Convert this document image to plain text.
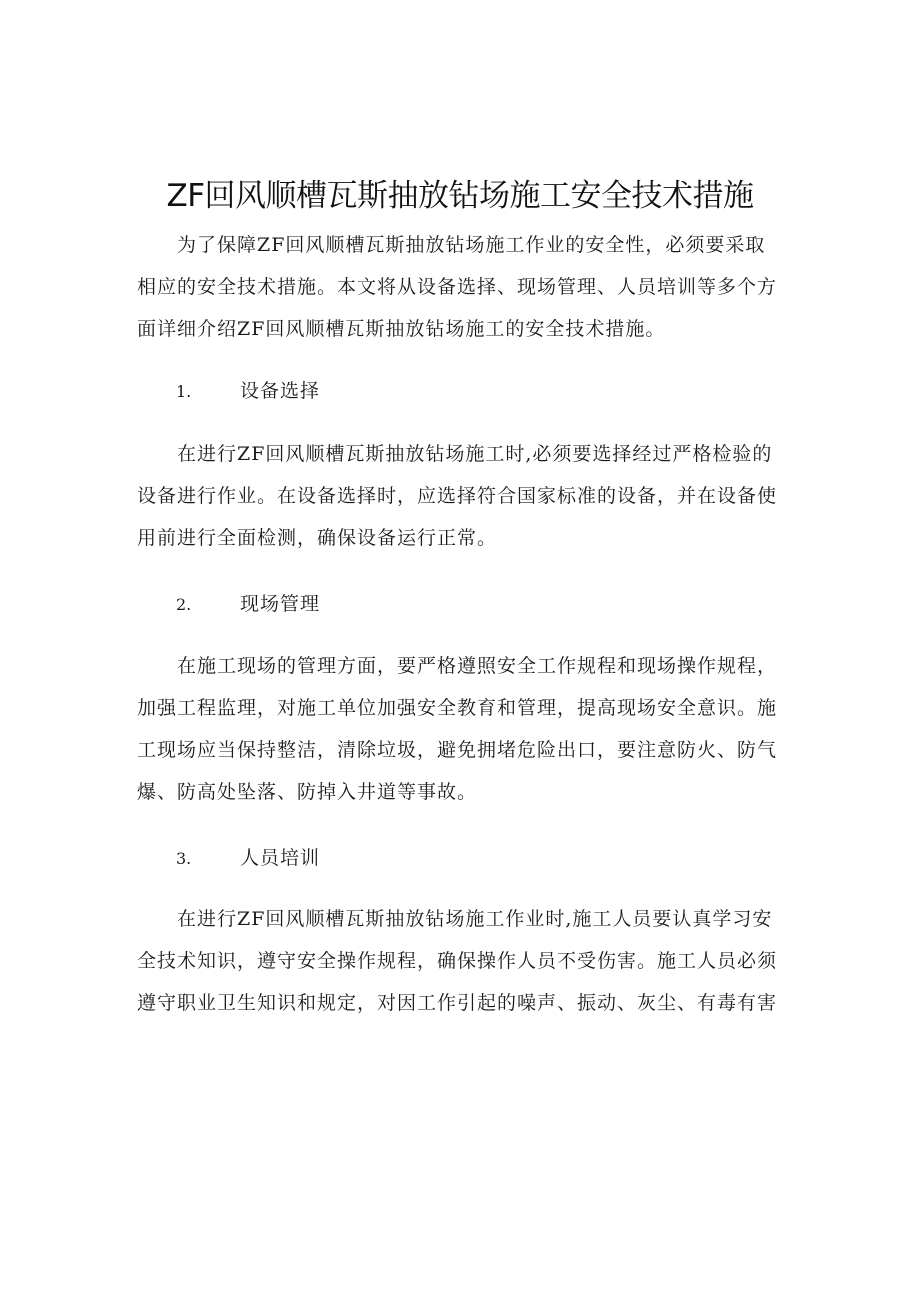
ZF回风顺槽瓦斯抽放钻场施工安全技术措施

为了保障ZF回风顺槽瓦斯抽放钻场施工作业的安全性，必须要采取相应的安全技术措施。本文将从设备选择、现场管理、人员培训等多个方面详细介绍ZF回风顺槽瓦斯抽放钻场施工的安全技术措施。

1.	设备选择

在进行ZF回风顺槽瓦斯抽放钻场施工时,必须要选择经过严格检验的设备进行作业。在设备选择时，应选择符合国家标准的设备，并在设备使用前进行全面检测，确保设备运行正常。

2.	现场管理

在施工现场的管理方面，要严格遵照安全工作规程和现场操作规程，加强工程监理，对施工单位加强安全教育和管理，提高现场安全意识。施工现场应当保持整洁，清除垃圾，避免拥堵危险出口，要注意防火、防气爆、防高处坠落、防掉入井道等事故。

3.	人员培训

在进行ZF回风顺槽瓦斯抽放钻场施工作业时,施工人员要认真学习安全技术知识，遵守安全操作规程，确保操作人员不受伤害。施工人员必须遵守职业卫生知识和规定，对因工作引起的噪声、振动、灰尘、有毒有害
